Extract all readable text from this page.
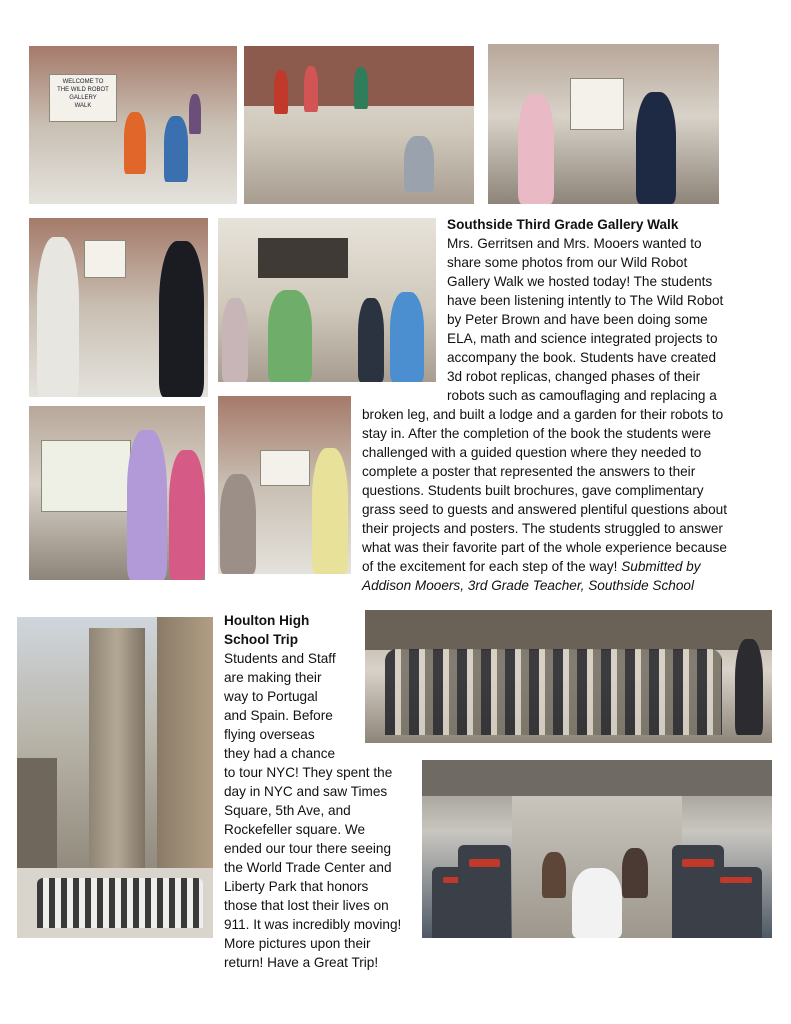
WELCOME TO
THE WILD ROBOT
GALLERY
WALK
Southside Third Grade Gallery Walk
Mrs. Gerritsen and Mrs. Mooers wanted to
share some photos from our Wild Robot
Gallery Walk we hosted today! The students
have been listening intently to The Wild Robot
by Peter Brown and have been doing some
ELA, math and science integrated projects to
accompany the book. Students have created
3d robot replicas, changed phases of their
robots such as camouflaging and replacing a
broken leg, and built a lodge and a garden for their robots to
stay in. After the completion of the book the students were
challenged with a guided question where they needed to
complete a poster that represented the answers to their
questions. Students built brochures, gave complimentary
grass seed to guests and answered plentiful questions about
their projects and posters. The students struggled to answer
what was their favorite part of the whole experience because
of the excitement for each step of the way! Submitted by
Addison Mooers, 3rd Grade Teacher, Southside School
Houlton High
School Trip
Students and Staff
are making their
way to Portugal
and Spain. Before
flying overseas
they had a chance
to tour NYC! They spent the
day in NYC and saw Times
Square, 5th Ave, and
Rockefeller square. We
ended our tour there seeing
the World Trade Center and
Liberty Park that honors
those that lost their lives on
911. It was incredibly moving!
More pictures upon their
return! Have a Great Trip!
